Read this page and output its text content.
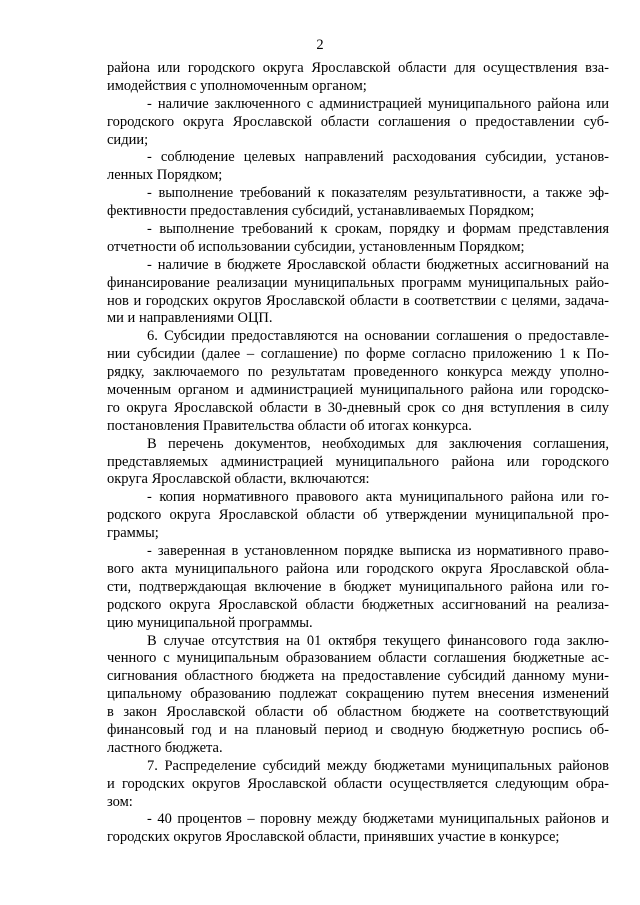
2
района или городского округа Ярославской области для осуществления вза-
имодействия с уполномоченным органом;
- наличие заключенного с администрацией муниципального района или
городского округа Ярославской области соглашения о предоставлении суб-
сидии;
- соблюдение целевых направлений расходования субсидии, установ-
ленных Порядком;
- выполнение требований к показателям результативности, а также эф-
фективности предоставления субсидий, устанавливаемых Порядком;
- выполнение требований к срокам, порядку и формам представления
отчетности об использовании субсидии, установленным Порядком;
- наличие в бюджете Ярославской области бюджетных ассигнований на
финансирование реализации муниципальных программ муниципальных райо-
нов и городских округов Ярославской области в соответствии с целями, задача-
ми и направлениями ОЦП.
6. Субсидии предоставляются на основании соглашения о предоставле-
нии субсидии (далее – соглашение) по форме согласно приложению 1 к По-
рядку, заключаемого по результатам проведенного конкурса между уполно-
моченным органом и администрацией муниципального района или городско-
го округа Ярославской области в 30-дневный срок со дня вступления в силу
постановления Правительства области об итогах конкурса.
В перечень документов, необходимых для заключения соглашения,
представляемых администрацией муниципального района или городского
округа Ярославской области, включаются:
- копия нормативного правового акта муниципального района или го-
родского округа Ярославской области об утверждении муниципальной про-
граммы;
- заверенная в установленном порядке выписка из нормативного право-
вого акта муниципального района или городского округа Ярославской обла-
сти, подтверждающая включение в бюджет муниципального района или го-
родского округа Ярославской области бюджетных ассигнований на реализа-
цию муниципальной программы.
В случае отсутствия на 01 октября текущего финансового года заклю-
ченного с муниципальным образованием области соглашения бюджетные ас-
сигнования областного бюджета на предоставление субсидий данному муни-
ципальному образованию подлежат сокращению путем внесения изменений
в закон Ярославской области об областном бюджете на соответствующий
финансовый год и на плановый период и сводную бюджетную роспись об-
ластного бюджета.
7. Распределение субсидий между бюджетами муниципальных районов
и городских округов Ярославской области осуществляется следующим обра-
зом:
- 40 процентов – поровну между бюджетами муниципальных районов и
городских округов Ярославской области, принявших участие в конкурсе;
